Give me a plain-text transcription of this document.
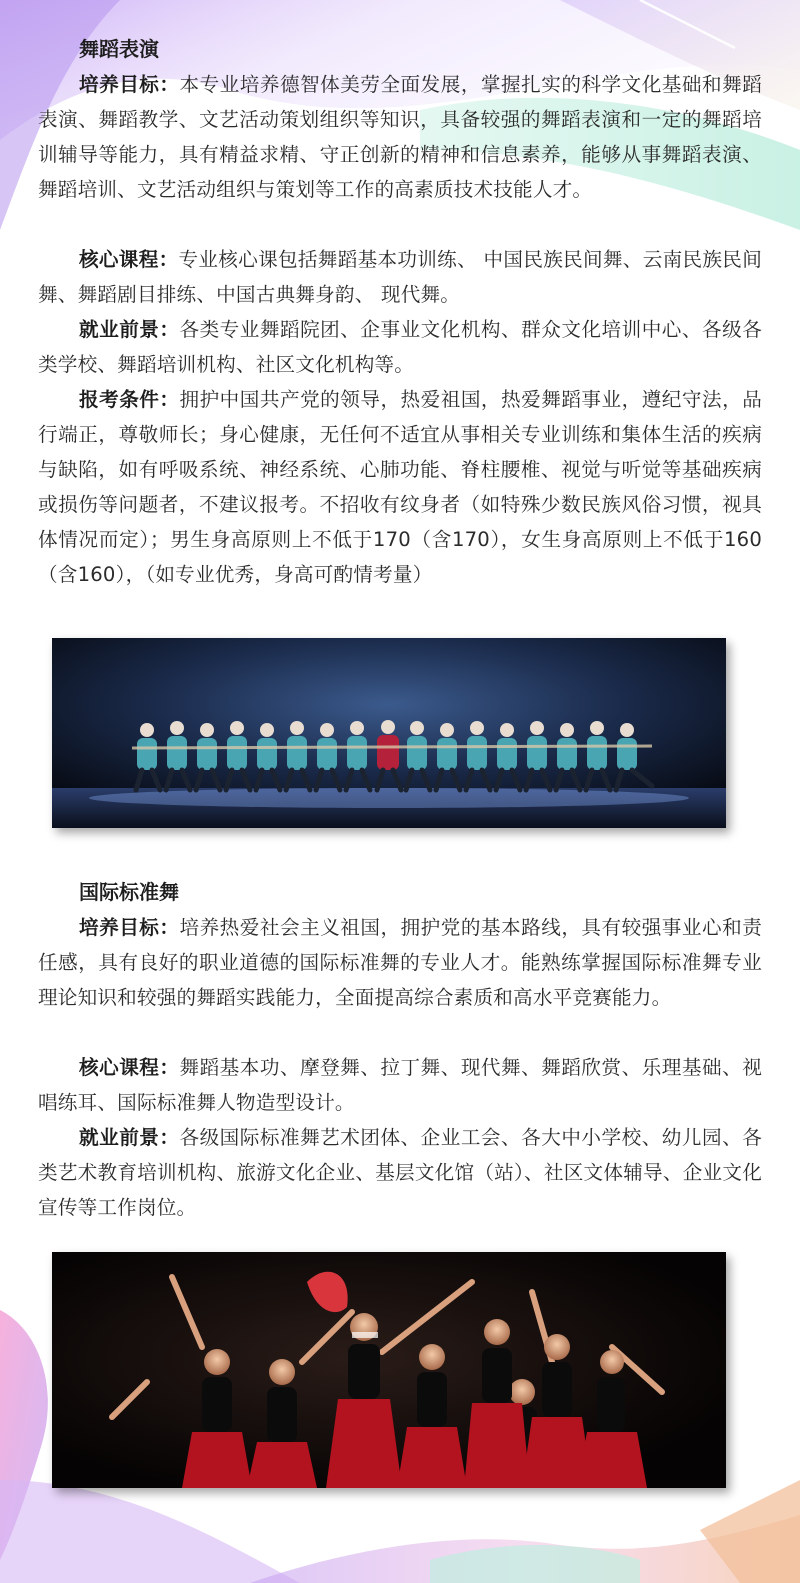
舞蹈表演

培养目标：本专业培养德智体美劳全面发展，掌握扎实的科学文化基础和舞蹈表演、舞蹈教学、文艺活动策划组织等知识，具备较强的舞蹈表演和一定的舞蹈培训辅导等能力，具有精益求精、守正创新的精神和信息素养，能够从事舞蹈表演、舞蹈培训、文艺活动组织与策划等工作的高素质技术技能人才。

核心课程：专业核心课包括舞蹈基本功训练、 中国民族民间舞、云南民族民间舞、舞蹈剧目排练、中国古典舞身韵、 现代舞。

就业前景：各类专业舞蹈院团、企事业文化机构、群众文化培训中心、各级各类学校、舞蹈培训机构、社区文化机构等。

报考条件：拥护中国共产党的领导，热爱祖国，热爱舞蹈事业，遵纪守法，品行端正，尊敬师长；身心健康，无任何不适宜从事相关专业训练和集体生活的疾病与缺陷，如有呼吸系统、神经系统、心肺功能、脊柱腰椎、视觉与听觉等基础疾病或损伤等问题者，不建议报考。不招收有纹身者（如特殊少数民族风俗习惯，视具体情况而定）；男生身高原则上不低于170（含170），女生身高原则上不低于160（含160），（如专业优秀，身高可酌情考量）

国际标准舞

培养目标：培养热爱社会主义祖国，拥护党的基本路线，具有较强事业心和责任感，具有良好的职业道德的国际标准舞的专业人才。能熟练掌握国际标准舞专业理论知识和较强的舞蹈实践能力，全面提高综合素质和高水平竞赛能力。

核心课程：舞蹈基本功、摩登舞、拉丁舞、现代舞、舞蹈欣赏、乐理基础、视唱练耳、国际标准舞人物造型设计。

就业前景：各级国际标准舞艺术团体、企业工会、各大中小学校、幼儿园、各类艺术教育培训机构、旅游文化企业、基层文化馆（站）、社区文体辅导、企业文化宣传等工作岗位。
